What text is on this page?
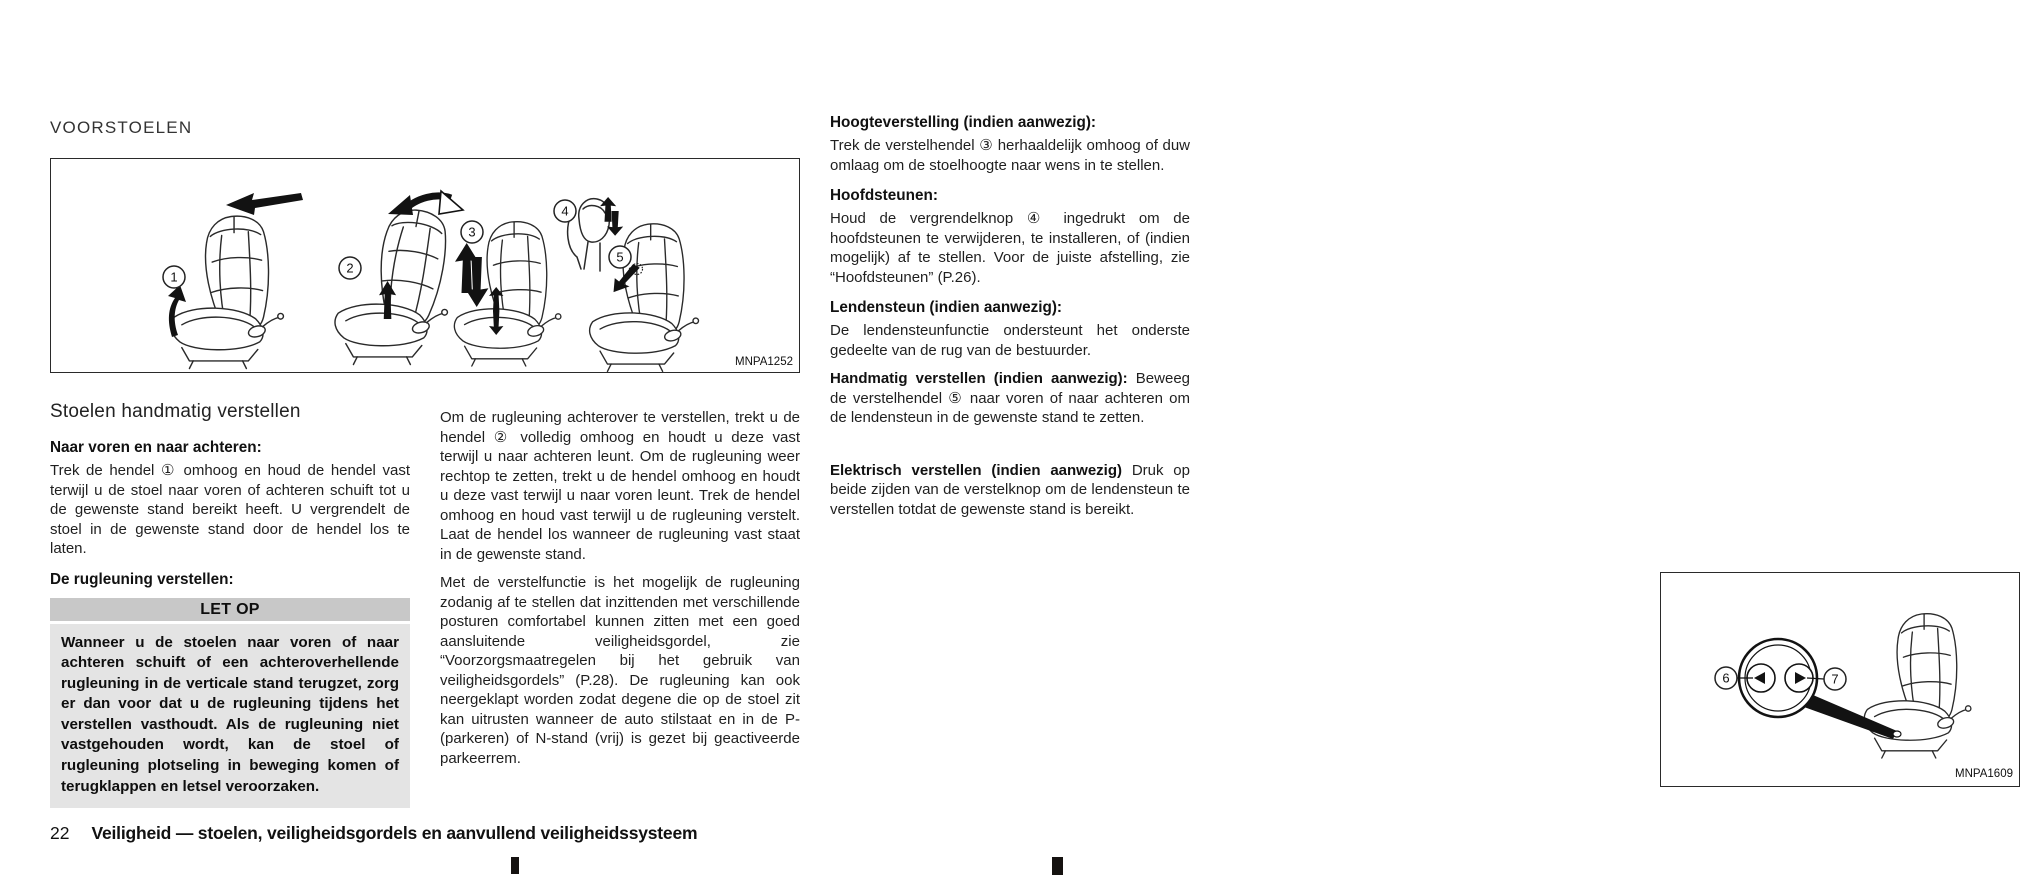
VOORSTOELEN
1
2
3
4
5
MNPA1252
Stoelen handmatig verstellen
Naar voren en naar achteren:

Trek de hendel ① omhoog en houd de hendel vast terwijl u de stoel naar voren of achteren schuift tot u de gewenste stand bereikt heeft. U vergrendelt de stoel in de gewenste stand door de hendel los te laten.

De rugleuning verstellen:
LET OP
Wanneer u de stoelen naar voren of naar achteren schuift of een achteroverhellende rugleuning in de verticale stand terugzet, zorg er dan voor dat u de rugleuning tijdens het verstellen vasthoudt. Als de rugleuning niet vastgehouden wordt, kan de stoel of rugleuning plotseling in beweging komen of terugklappen en letsel veroorzaken.

Om de rugleuning achterover te verstellen, trekt u de hendel ② volledig omhoog en houdt u deze vast terwijl u naar achteren leunt. Om de rugleuning weer rechtop te zetten, trekt u de hendel omhoog en houdt u deze vast terwijl u naar voren leunt. Trek de hendel omhoog en houd vast terwijl u de rugleuning verstelt. Laat de hendel los wanneer de rugleuning vast staat in de gewenste stand.

Met de verstelfunctie is het mogelijk de rugleuning zodanig af te stellen dat inzittenden met verschillende posturen comfortabel kunnen zitten met een goed aansluitende veiligheidsgordel, zie “Voorzorgsmaatregelen bij het gebruik van veiligheidsgordels” (P.28). De rugleuning kan ook neergeklapt worden zodat degene die op de stoel zit kan uitrusten wanneer de auto stilstaat en in de P-(parkeren) of N-stand (vrij) is gezet bij geactiveerde parkeerrem.

Hoogteverstelling (indien aanwezig):

Trek de verstelhendel ③ herhaaldelijk omhoog of duw omlaag om de stoelhoogte naar wens in te stellen.

Hoofdsteunen:

Houd de vergrendelknop ④ ingedrukt om de hoofdsteunen te verwijderen, te installeren, of (indien mogelijk) af te stellen. Voor de juiste afstelling, zie “Hoofdsteunen” (P.26).

Lendensteun (indien aanwezig):

De lendensteunfunctie ondersteunt het onderste gedeelte van de rug van de bestuurder.

Handmatig verstellen (indien aanwezig): Beweeg de verstelhendel ⑤ naar voren of naar achteren om de lendensteun in de gewenste stand te zetten.

6	7
MNPA1609

Elektrisch verstellen (indien aanwezig) Druk op beide zijden van de verstelknop om de lendensteun te verstellen totdat de gewenste stand is bereikt.

22 Veiligheid — stoelen, veiligheidsgordels en aanvullend veiligheidssysteem
